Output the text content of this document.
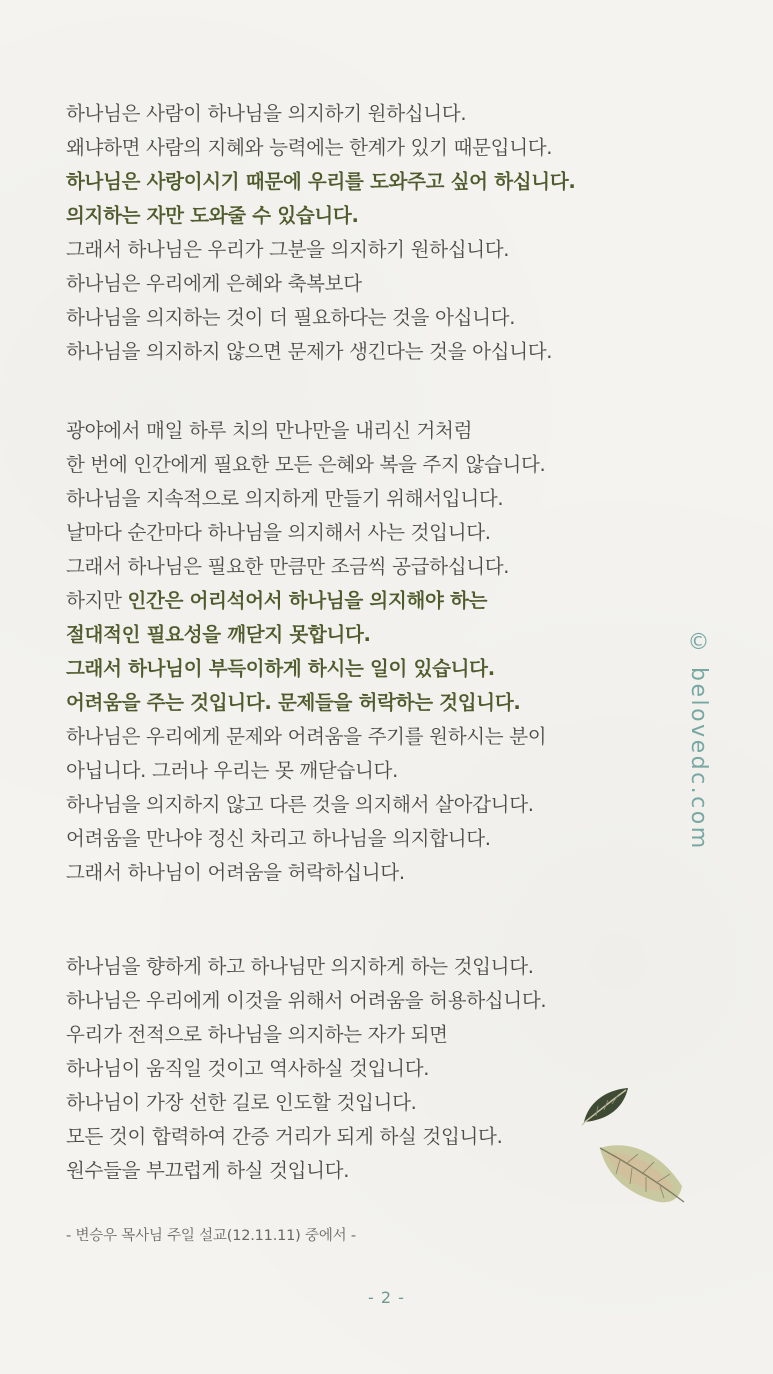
하나님은 사람이 하나님을 의지하기 원하십니다.
왜냐하면 사람의 지혜와 능력에는 한계가 있기 때문입니다.
하나님은 사랑이시기 때문에 우리를 도와주고 싶어 하십니다.
의지하는 자만 도와줄 수 있습니다.
그래서 하나님은 우리가 그분을 의지하기 원하십니다.
하나님은 우리에게 은혜와 축복보다
하나님을 의지하는 것이 더 필요하다는 것을 아십니다.
하나님을 의지하지 않으면 문제가 생긴다는 것을 아십니다.
광야에서 매일 하루 치의 만나만을 내리신 거처럼
한 번에 인간에게 필요한 모든 은혜와 복을 주지 않습니다.
하나님을 지속적으로 의지하게 만들기 위해서입니다.
날마다 순간마다 하나님을 의지해서 사는 것입니다.
그래서 하나님은 필요한 만큼만 조금씩 공급하십니다.
하지만 인간은 어리석어서 하나님을 의지해야 하는
절대적인 필요성을 깨닫지 못합니다.
그래서 하나님이 부득이하게 하시는 일이 있습니다.
어려움을 주는 것입니다. 문제들을 허락하는 것입니다.
하나님은 우리에게 문제와 어려움을 주기를 원하시는 분이
아닙니다. 그러나 우리는 못 깨닫습니다.
하나님을 의지하지 않고 다른 것을 의지해서 살아갑니다.
어려움을 만나야 정신 차리고 하나님을 의지합니다.
그래서 하나님이 어려움을 허락하십니다.
하나님을 향하게 하고 하나님만 의지하게 하는 것입니다.
하나님은 우리에게 이것을 위해서 어려움을 허용하십니다.
우리가 전적으로 하나님을 의지하는 자가 되면
하나님이 움직일 것이고 역사하실 것입니다.
하나님이 가장 선한 길로 인도할 것입니다.
모든 것이 합력하여 간증 거리가 되게 하실 것입니다.
원수들을 부끄럽게 하실 것입니다.
- 변승우 목사님 주일 설교(12.11.11) 중에서 -
- 2 -
© belovedc.com
